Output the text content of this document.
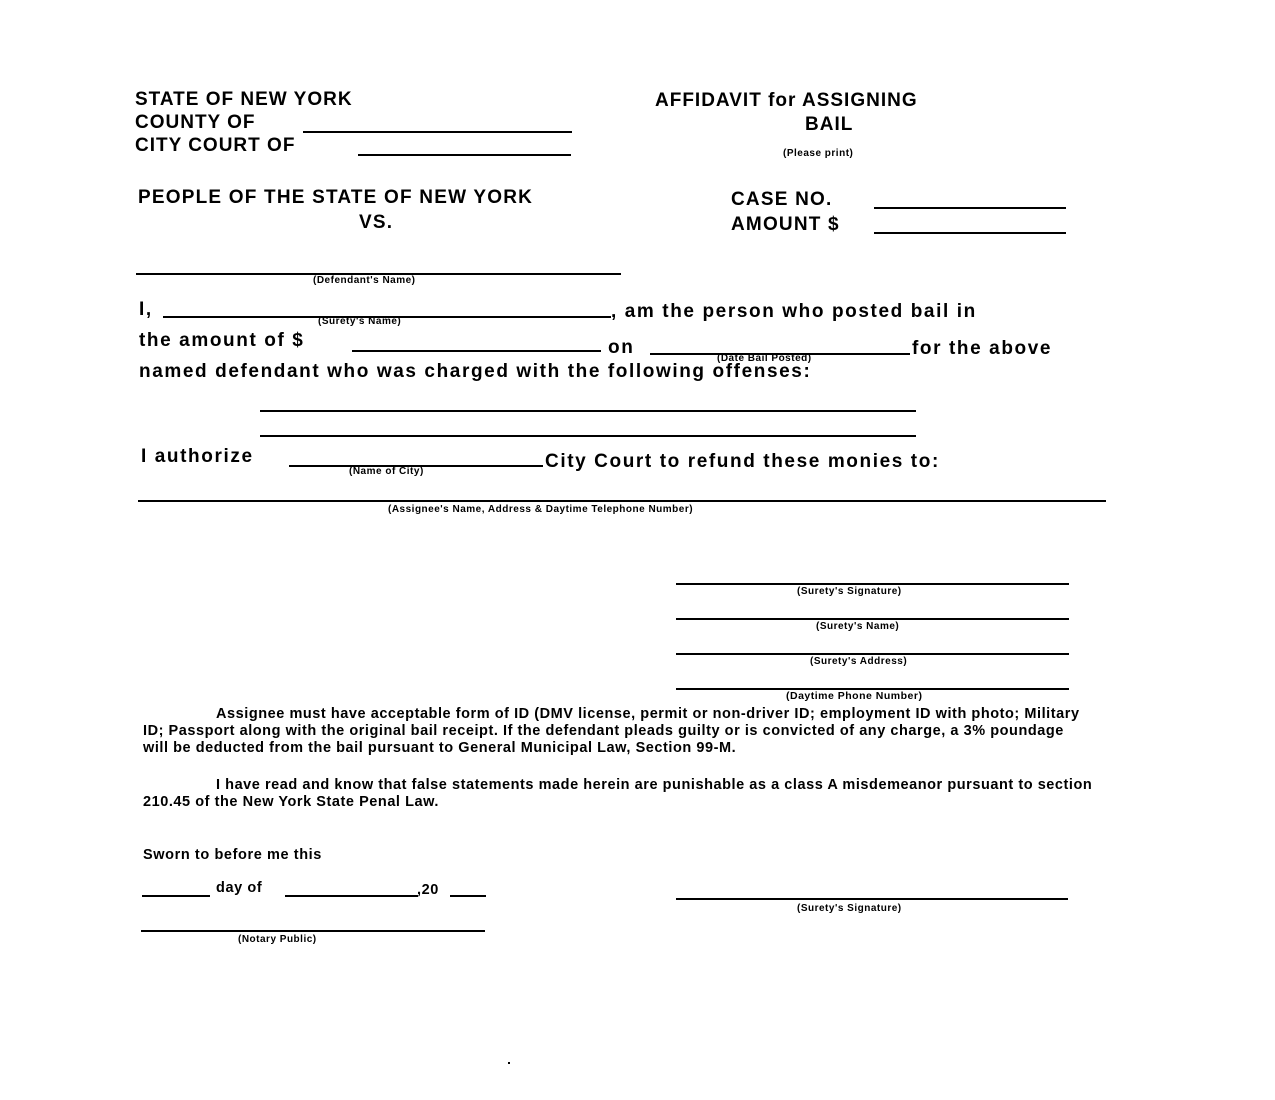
STATE OF NEW YORK
COUNTY OF
CITY COURT OF
AFFIDAVIT for ASSIGNING
BAIL
(Please print)
PEOPLE OF THE STATE OF NEW YORK
VS.
CASE NO.
AMOUNT $
(Defendant's Name)
I,
(Surety's Name)	, am the person who posted bail in
the amount of $	on
(Date Bail Posted)	for the above
named defendant who was charged with the following offenses:
I authorize
(Name of City)	City Court to refund these monies to:
(Assignee's Name, Address & Daytime Telephone Number)
(Surety's Signature)
(Surety's Name)
(Surety's Address)
(Daytime Phone Number)
Assignee must have acceptable form of ID (DMV license, permit or non-driver ID; employment ID with photo; Military ID; Passport along with the original bail receipt. If the defendant pleads guilty or is convicted of any charge, a 3% poundage will be deducted from the bail pursuant to General Municipal Law, Section 99-M.
I have read and know that false statements made herein are punishable as a class A misdemeanor pursuant to section 210.45 of the New York State Penal Law.
Sworn to before me this
day of	,20
(Notary Public)
(Surety's Signature)
